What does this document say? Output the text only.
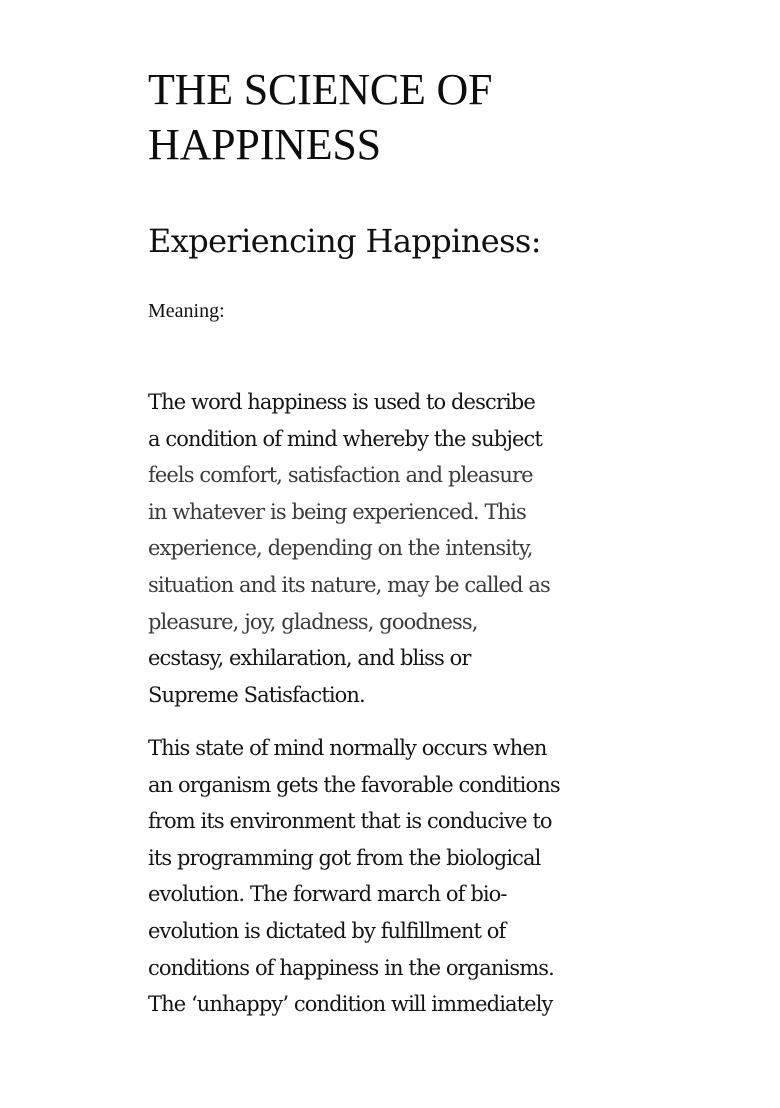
THE SCIENCE OF
HAPPINESS
Experiencing Happiness:

Meaning:

The word happiness is used to describe
a condition of mind whereby the subject
feels comfort, satisfaction and pleasure
in whatever is being experienced. This
experience, depending on the intensity,
situation and its nature, may be called as
pleasure, joy, gladness, goodness,
ecstasy, exhilaration, and bliss or
Supreme Satisfaction.
This state of mind normally occurs when
an organism gets the favorable conditions
from its environment that is conducive to
its programming got from the biological
evolution. The forward march of bio-
evolution is dictated by fulfillment of
conditions of happiness in the organisms.
The ‘unhappy’ condition will immediately
